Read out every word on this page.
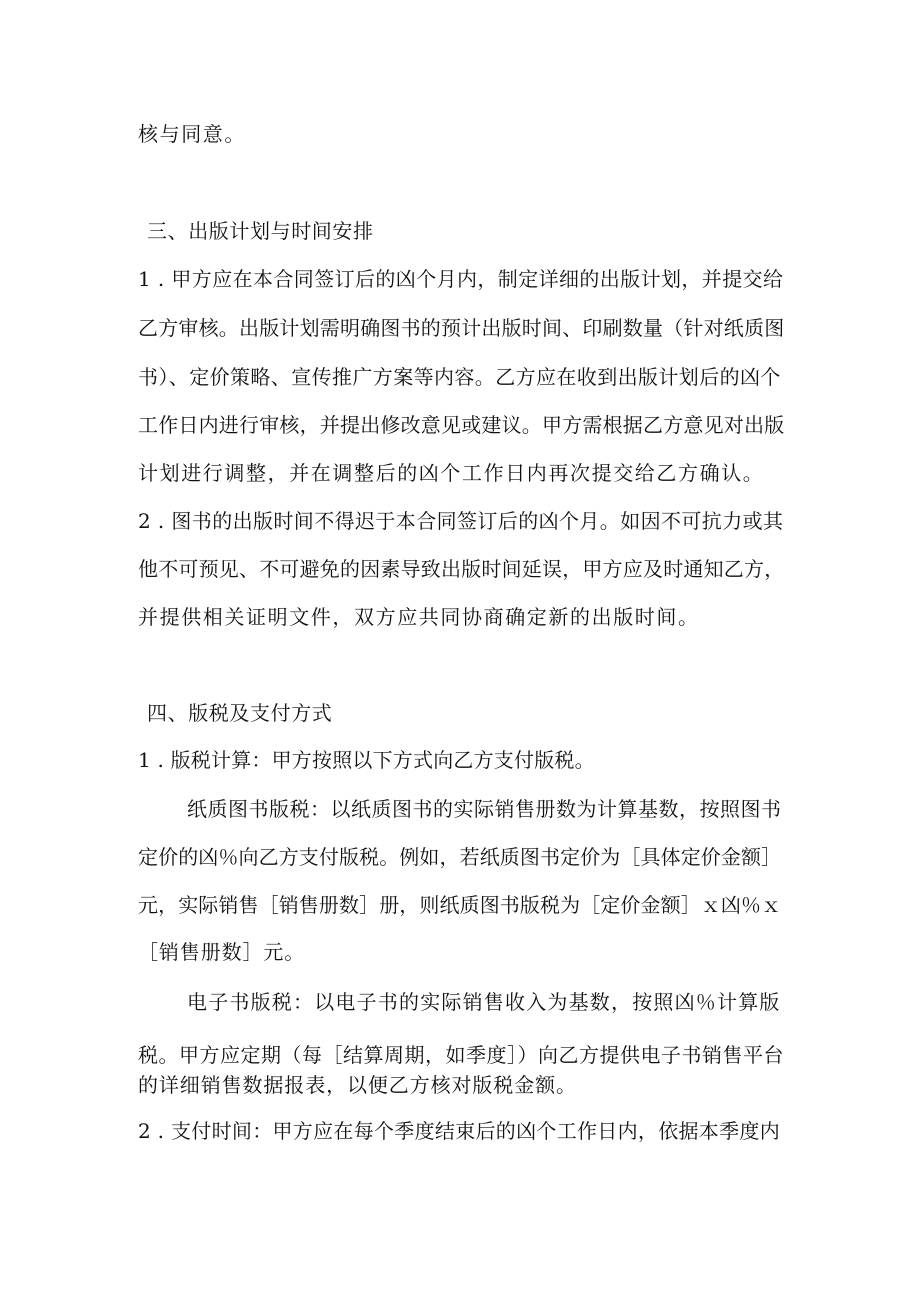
核与同意。
三、出版计划与时间安排
1 . 甲方应在本合同签订后的凶个月内，制定详细的出版计划，并提交给
乙方审核。出版计划需明确图书的预计出版时间、印刷数量（针对纸质图
书）、定价策略、宣传推广方案等内容。乙方应在收到出版计划后的凶个
工作日内进行审核，并提出修改意见或建议。甲方需根据乙方意见对出版
计划进行调整，并在调整后的凶个工作日内再次提交给乙方确认。
2 . 图书的出版时间不得迟于本合同签订后的凶个月。如因不可抗力或其
他不可预见、不可避免的因素导致出版时间延误，甲方应及时通知乙方，
并提供相关证明文件，双方应共同协商确定新的出版时间。
四、版税及支付方式
1 . 版税计算：甲方按照以下方式向乙方支付版税。
纸质图书版税：以纸质图书的实际销售册数为计算基数，按照图书
定价的凶％向乙方支付版税。例如，若纸质图书定价为［具体定价金额］
元，实际销售［销售册数］册，则纸质图书版税为［定价金额］ｘ凶％ｘ
［销售册数］元。
电子书版税：以电子书的实际销售收入为基数，按照凶％计算版
税。甲方应定期（每［结算周期，如季度］）向乙方提供电子书销售平台
的详细销售数据报表，以便乙方核对版税金额。
2 . 支付时间：甲方应在每个季度结束后的凶个工作日内，依据本季度内
